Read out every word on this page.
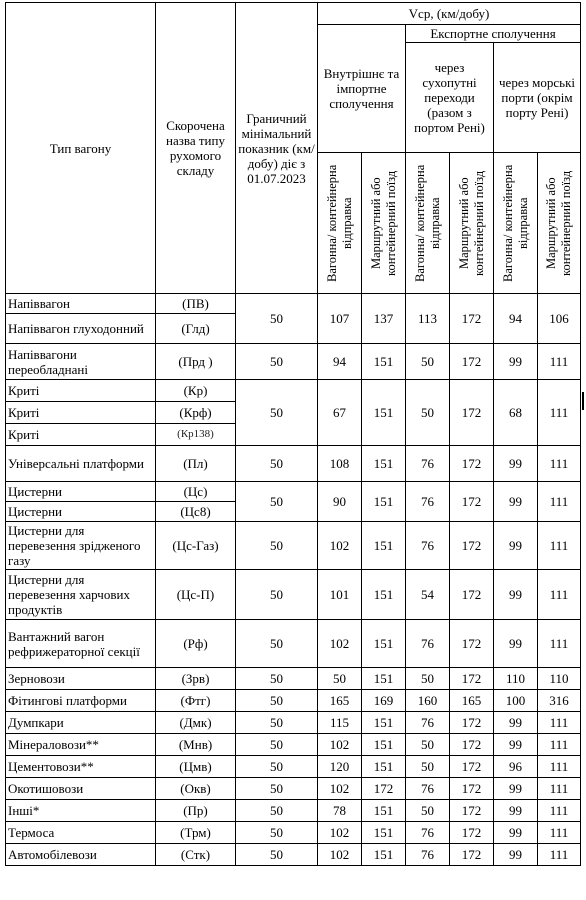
Тип вагону	Скорочена назва типу рухомого складу	Граничний мінімальний показник (км/добу) діє з 01.07.2023	Vср, (км/добу)					
			Внутрішнє та імпортне сполучення		Експортне сполучення			
					через сухопутні переходи (разом з портом Рені)		через морські порти (окрім порту Рені)	

			Вагонна/ контейнерна відправка	Маршрутний або контейнерний поїзд	Вагонна/ контейнерна відправка	Маршрутний або контейнерний поїзд	Вагонна/ контейнерна відправка	Маршрутний або контейнерний поїзд

Напіввагон	(ПВ)	50	107	137	113	172	94	106
Напіввагон глуходонний	(Глд)							
Напіввагони переобладнані	(Прд )	50	94	151	50	172	99	111
Криті	(Кр)	50	67	151	50	172	68	111
Криті	(Крф)							
Криті	(Кр138)							
Універсальні платформи	(Пл)	50	108	151	76	172	99	111
Цистерни	(Цс)	50	90	151	76	172	99	111
Цистерни	(Цс8)							
Цистерни для перевезення зрідженого газу	(Цс-Газ)	50	102	151	76	172	99	111
Цистерни для перевезення харчових продуктів	(Цс-П)	50	101	151	54	172	99	111
Вантажний вагон рефрижераторної секції	(Рф)	50	102	151	76	172	99	111
Зерновози	(Зрв)	50	50	151	50	172	110	110
Фітингові платформи	(Фтг)	50	165	169	160	165	100	316
Думпкари	(Дмк)	50	115	151	76	172	99	111
Мінераловози**	(Мнв)	50	102	151	50	172	99	111
Цементовози**	(Цмв)	50	120	151	50	172	96	111
Окотишовози	(Окв)	50	102	172	76	172	99	111
Інші*	(Пр)	50	78	151	50	172	99	111
Термоса	(Трм)	50	102	151	76	172	99	111
Автомобілевози	(Стк)	50	102	151	76	172	99	111
